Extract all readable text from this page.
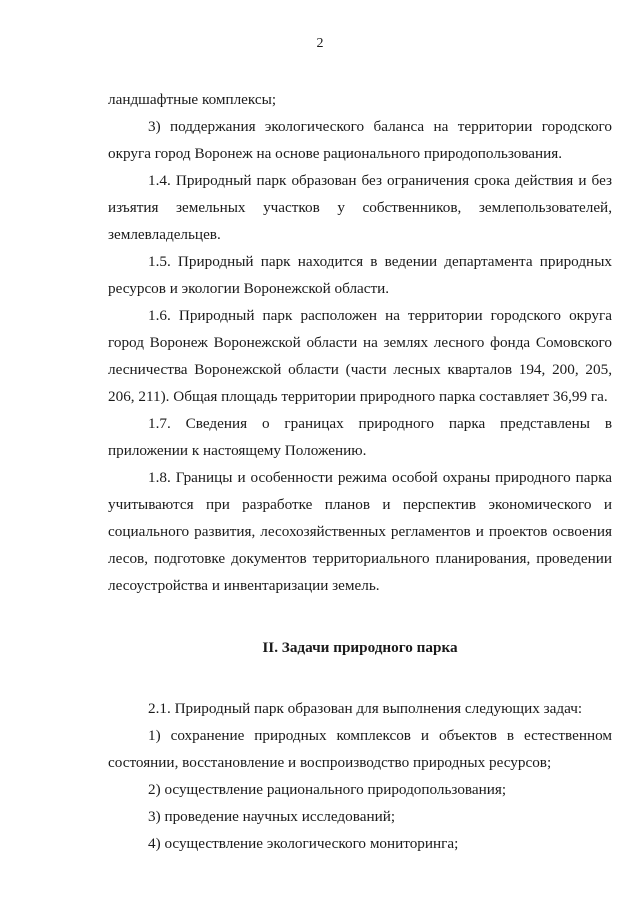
2

ландшафтные комплексы;

3) поддержания экологического баланса на территории городского округа город Воронеж на основе рационального природопользования.

1.4. Природный парк образован без ограничения срока действия и без изъятия земельных участков у собственников, землепользователей, землевладельцев.

1.5. Природный парк находится в ведении департамента природных ресурсов и экологии Воронежской области.

1.6. Природный парк расположен на территории городского округа город Воронеж Воронежской области на землях лесного фонда Сомовского лесничества Воронежской области (части лесных кварталов 194, 200, 205, 206, 211). Общая площадь территории природного парка составляет 36,99 га.

1.7. Сведения о границах природного парка представлены в приложении к настоящему Положению.

1.8. Границы и особенности режима особой охраны природного парка учитываются при разработке планов и перспектив экономического и социального развития, лесохозяйственных регламентов и проектов освоения лесов, подготовке документов территориального планирования, проведении лесоустройства и инвентаризации земель.

II. Задачи природного парка

2.1. Природный парк образован для выполнения следующих задач:

1) сохранение природных комплексов и объектов в естественном состоянии, восстановление и воспроизводство природных ресурсов;

2) осуществление рационального природопользования;

3) проведение научных исследований;

4) осуществление экологического мониторинга;
